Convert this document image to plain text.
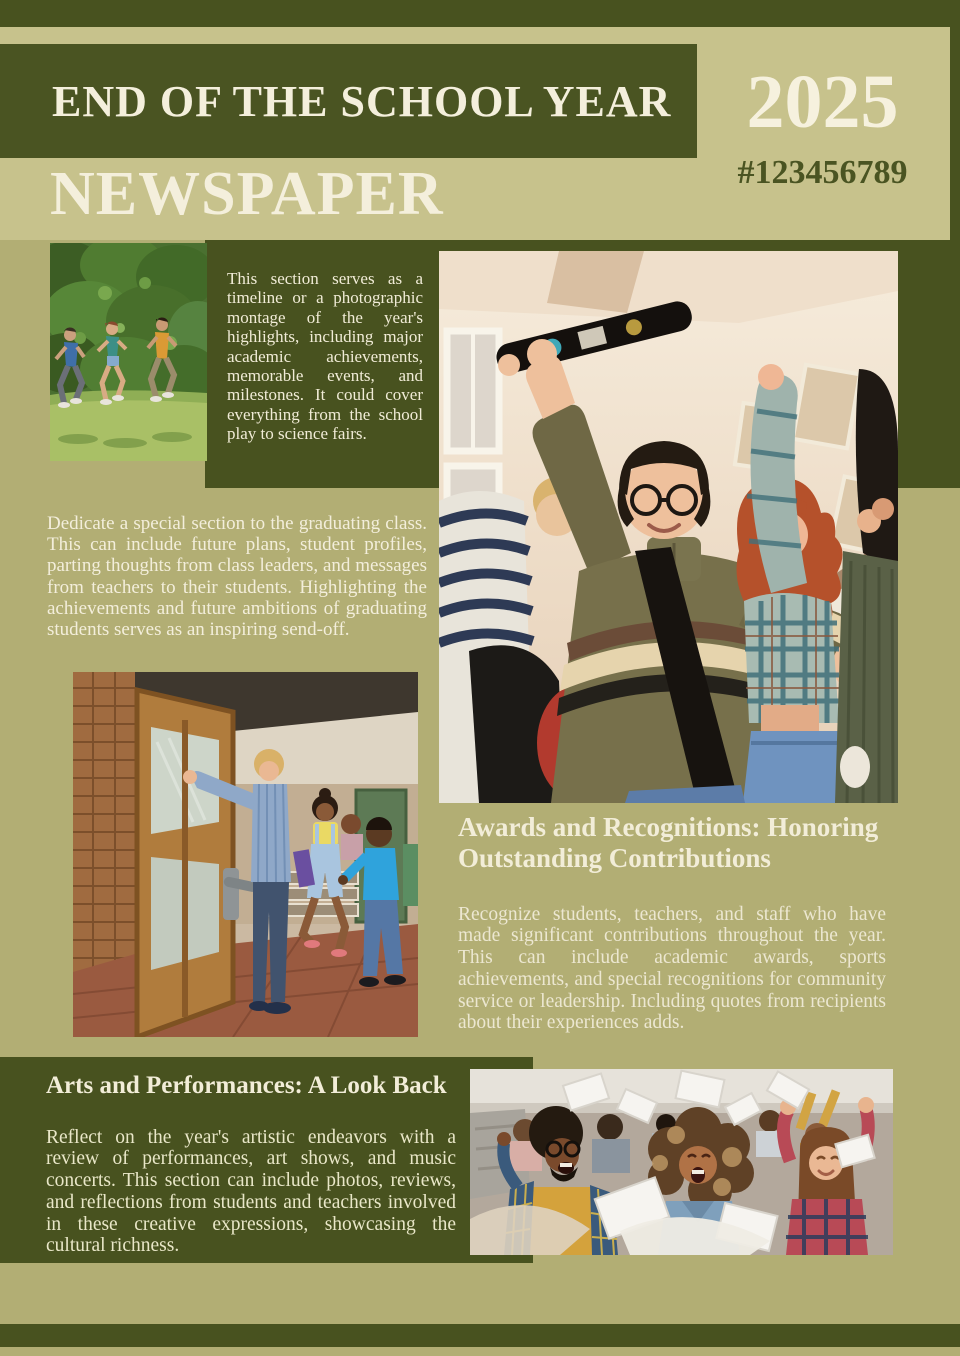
END OF THE SCHOOL YEAR 2025
#123456789
NEWSPAPER

This section serves as a timeline or a photographic montage of the year's highlights, including major academic achievements, memorable events, and milestones. It could cover everything from the school play to science fairs.

Dedicate a special section to the graduating class. This can include future plans, student profiles, parting thoughts from class leaders, and messages from teachers to their students. Highlighting the achievements and future ambitions of graduating students serves as an inspiring send-off.

Awards and Recognitions: Honoring Outstanding Contributions

Recognize students, teachers, and staff who have made significant contributions throughout the year. This can include academic awards, sports achievements, and special recognitions for community service or leadership. Including quotes from recipients about their experiences adds.

Arts and Performances: A Look Back

Reflect on the year's artistic endeavors with a review of performances, art shows, and music concerts. This section can include photos, reviews, and reflections from students and teachers involved in these creative expressions, showcasing the cultural richness.
